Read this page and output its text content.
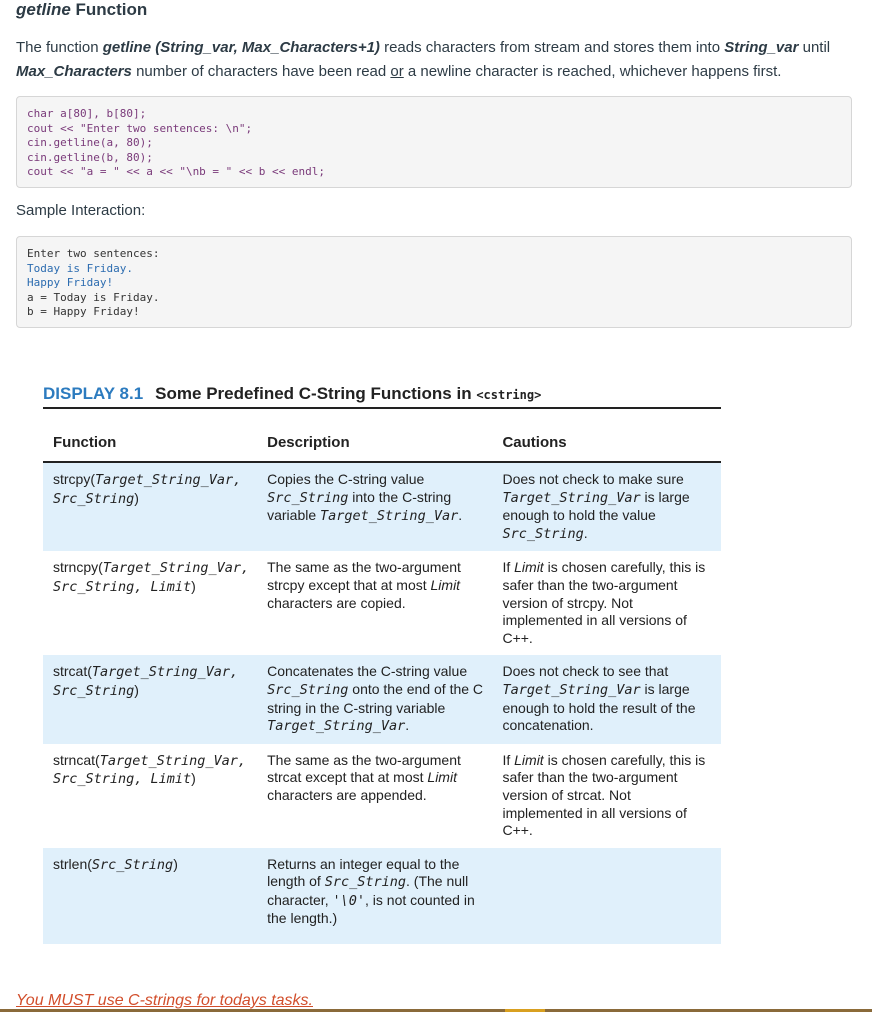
getline Function
The function getline (String_var, Max_Characters+1) reads characters from stream and stores them into String_var until Max_Characters number of characters have been read or a newline character is reached, whichever happens first.
char a[80], b[80];
cout << "Enter two sentences: \n";
cin.getline(a, 80);
cin.getline(b, 80);
cout << "a = " << a << "\nb = " << b << endl;
Sample Interaction:
Enter two sentences:
Today is Friday.
Happy Friday!
a = Today is Friday.
b = Happy Friday!
DISPLAY 8.1 Some Predefined C-String Functions in <cstring>
Function	Description	Cautions
strcpy(Target_String_Var,
Src_String)	Copies the C-string value Src_String into the C-string variable Target_String_Var.	Does not check to make sure Target_String_Var is large enough to hold the value Src_String.
strncpy(Target_String_Var,
Src_String, Limit)	The same as the two-argument strcpy except that at most Limit characters are copied.	If Limit is chosen carefully, this is safer than the two-argument version of strcpy. Not implemented in all versions of C++.
strcat(Target_String_Var,
Src_String)	Concatenates the C-string value Src_String onto the end of the C string in the C-string variable Target_String_Var.	Does not check to see that Target_String_Var is large enough to hold the result of the concatenation.
strncat(Target_String_Var,
Src_String, Limit)	The same as the two-argument strcat except that at most Limit characters are appended.	If Limit is chosen carefully, this is safer than the two-argument version of strcat. Not implemented in all versions of C++.
strlen(Src_String)	Returns an integer equal to the length of Src_String. (The null character, '\0', is not counted in the length.)	
You MUST use C-strings for todays tasks.
